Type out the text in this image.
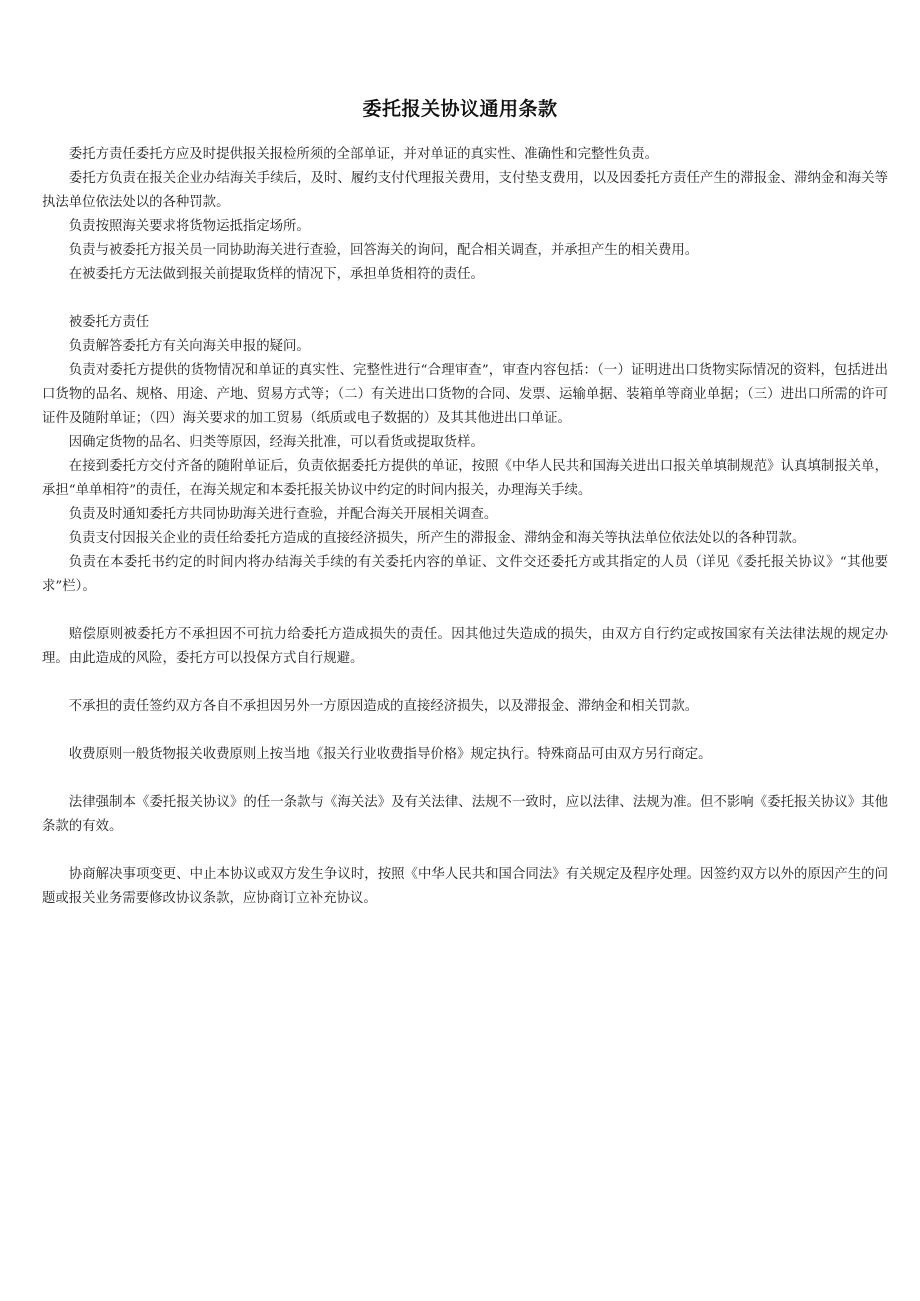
委托报关协议通用条款

委托方责任委托方应及时提供报关报检所须的全部单证，并对单证的真实性、准确性和完整性负责。

委托方负责在报关企业办结海关手续后，及时、履约支付代理报关费用，支付垫支费用，以及因委托方责任产生的滞报金、滞纳金和海关等执法单位依法处以的各种罚款。

负责按照海关要求将货物运抵指定场所。

负责与被委托方报关员一同协助海关进行查验，回答海关的询问，配合相关调查，并承担产生的相关费用。

在被委托方无法做到报关前提取货样的情况下，承担单货相符的责任。

被委托方责任

负责解答委托方有关向海关申报的疑问。

负责对委托方提供的货物情况和单证的真实性、完整性进行“合理审查”，审查内容包括：（一）证明进出口货物实际情况的资料，包括进出口货物的品名、规格、用途、产地、贸易方式等；（二）有关进出口货物的合同、发票、运输单据、装箱单等商业单据；（三）进出口所需的许可证件及随附单证；（四）海关要求的加工贸易（纸质或电子数据的）及其其他进出口单证。

因确定货物的品名、归类等原因，经海关批准，可以看货或提取货样。

在接到委托方交付齐备的随附单证后，负责依据委托方提供的单证，按照《中华人民共和国海关进出口报关单填制规范》认真填制报关单，承担“单单相符”的责任，在海关规定和本委托报关协议中约定的时间内报关，办理海关手续。

负责及时通知委托方共同协助海关进行查验，并配合海关开展相关调查。

负责支付因报关企业的责任给委托方造成的直接经济损失，所产生的滞报金、滞纳金和海关等执法单位依法处以的各种罚款。

负责在本委托书约定的时间内将办结海关手续的有关委托内容的单证、文件交还委托方或其指定的人员（详见《委托报关协议》“其他要求”栏）。

赔偿原则被委托方不承担因不可抗力给委托方造成损失的责任。因其他过失造成的损失，由双方自行约定或按国家有关法律法规的规定办理。由此造成的风险，委托方可以投保方式自行规避。

不承担的责任签约双方各自不承担因另外一方原因造成的直接经济损失，以及滞报金、滞纳金和相关罚款。

收费原则一般货物报关收费原则上按当地《报关行业收费指导价格》规定执行。特殊商品可由双方另行商定。

法律强制本《委托报关协议》的任一条款与《海关法》及有关法律、法规不一致时，应以法律、法规为准。但不影响《委托报关协议》其他条款的有效。

协商解决事项变更、中止本协议或双方发生争议时，按照《中华人民共和国合同法》有关规定及程序处理。因签约双方以外的原因产生的问题或报关业务需要修改协议条款，应协商订立补充协议。
